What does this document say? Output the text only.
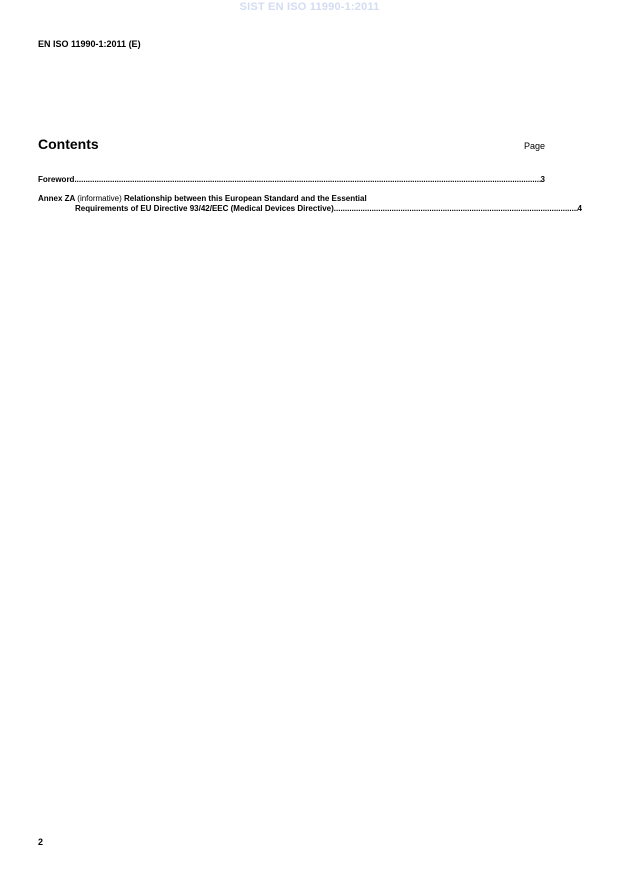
SIST EN ISO 11990-1:2011
EN ISO 11990-1:2011 (E)
Contents	Page
Foreword .....	3
Annex ZA (informative) Relationship between this European Standard and the Essential
Requirements of EU Directive 93/42/EEC (Medical Devices Directive) .....	4
2
